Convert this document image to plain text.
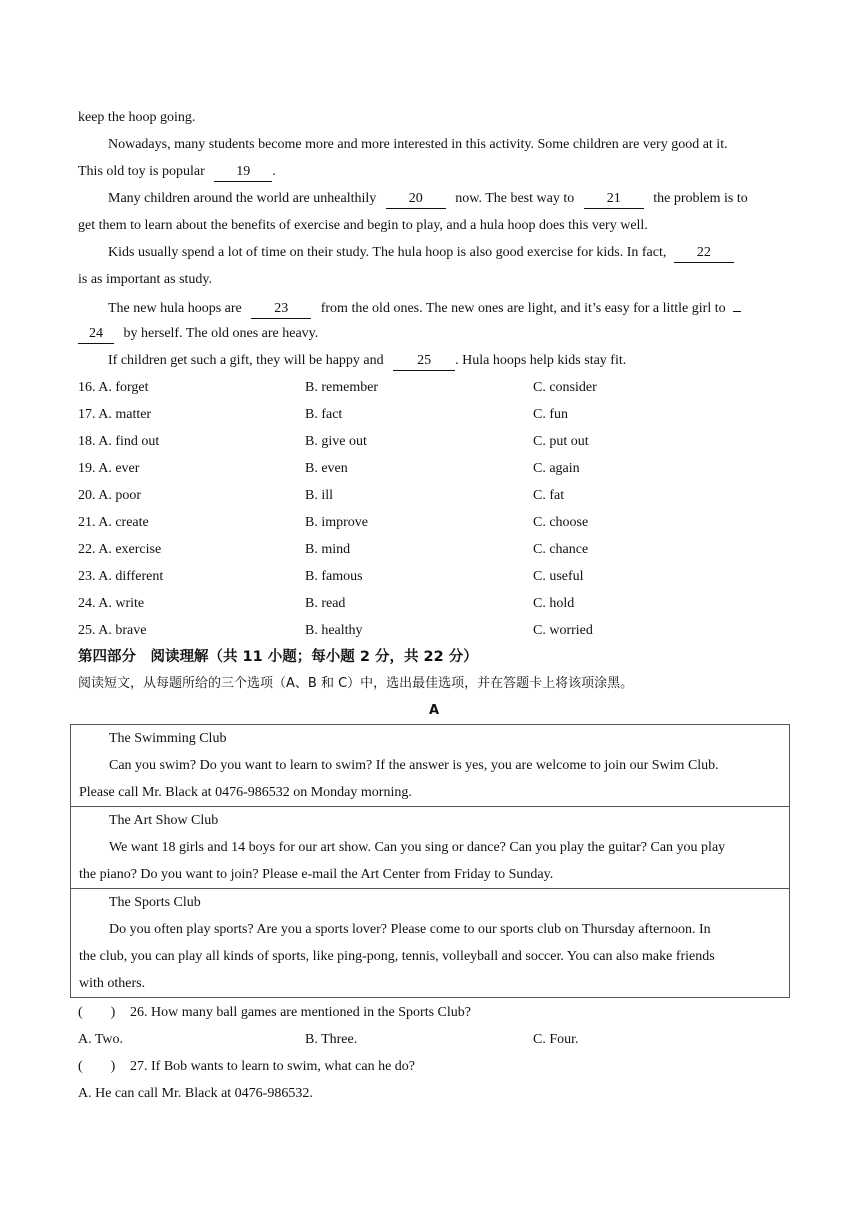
keep the hoop going.
Nowadays, many students become more and more interested in this activity. Some children are very good at it.
This old toy is popular 19 .
Many children around the world are unhealthily 20 now. The best way to 21 the problem is to
get them to learn about the benefits of exercise and begin to play, and a hula hoop does this very well.
Kids usually spend a lot of time on their study. The hula hoop is also good exercise for kids. In fact, 22
is as important as study.
The new hula hoops are 23 from the old ones. The new ones are light, and it’s easy for a little girl to
24 by herself. The old ones are heavy.
If children get such a gift, they will be happy and 25 . Hula hoops help kids stay fit.
16. A. forget	B. remember	C. consider
17. A. matter	B. fact	C. fun
18. A. find out	B. give out	C. put out
19. A. ever	B. even	C. again
20. A. poor	B. ill	C. fat
21. A. create	B. improve	C. choose
22. A. exercise	B. mind	C. chance
23. A. different	B. famous	C. useful
24. A. write	B. read	C. hold
25. A. brave	B. healthy	C. worried
第四部分　阅读理解（共 11 小题；每小题 2 分，共 22 分）
阅读短文，从每题所给的三个选项（A、B 和 C）中，选出最佳选项，并在答题卡上将该项涂黑。
A
The Swimming Club
Can you swim? Do you want to learn to swim? If the answer is yes, you are welcome to join our Swim Club.
Please call Mr. Black at 0476-986532 on Monday morning.

The Art Show Club
We want 18 girls and 14 boys for our art show. Can you sing or dance? Can you play the guitar? Can you play
the piano? Do you want to join? Please e-mail the Art Center from Friday to Sunday.

The Sports Club
Do you often play sports? Are you a sports lover? Please come to our sports club on Thursday afternoon. In
the club, you can play all kinds of sports, like ping-pong, tennis, volleyball and soccer. You can also make friends
with others.
(　　) 26. How many ball games are mentioned in the Sports Club?
A. Two.	B. Three.	C. Four.
(　　) 27. If Bob wants to learn to swim, what can he do?
A. He can call Mr. Black at 0476-986532.
